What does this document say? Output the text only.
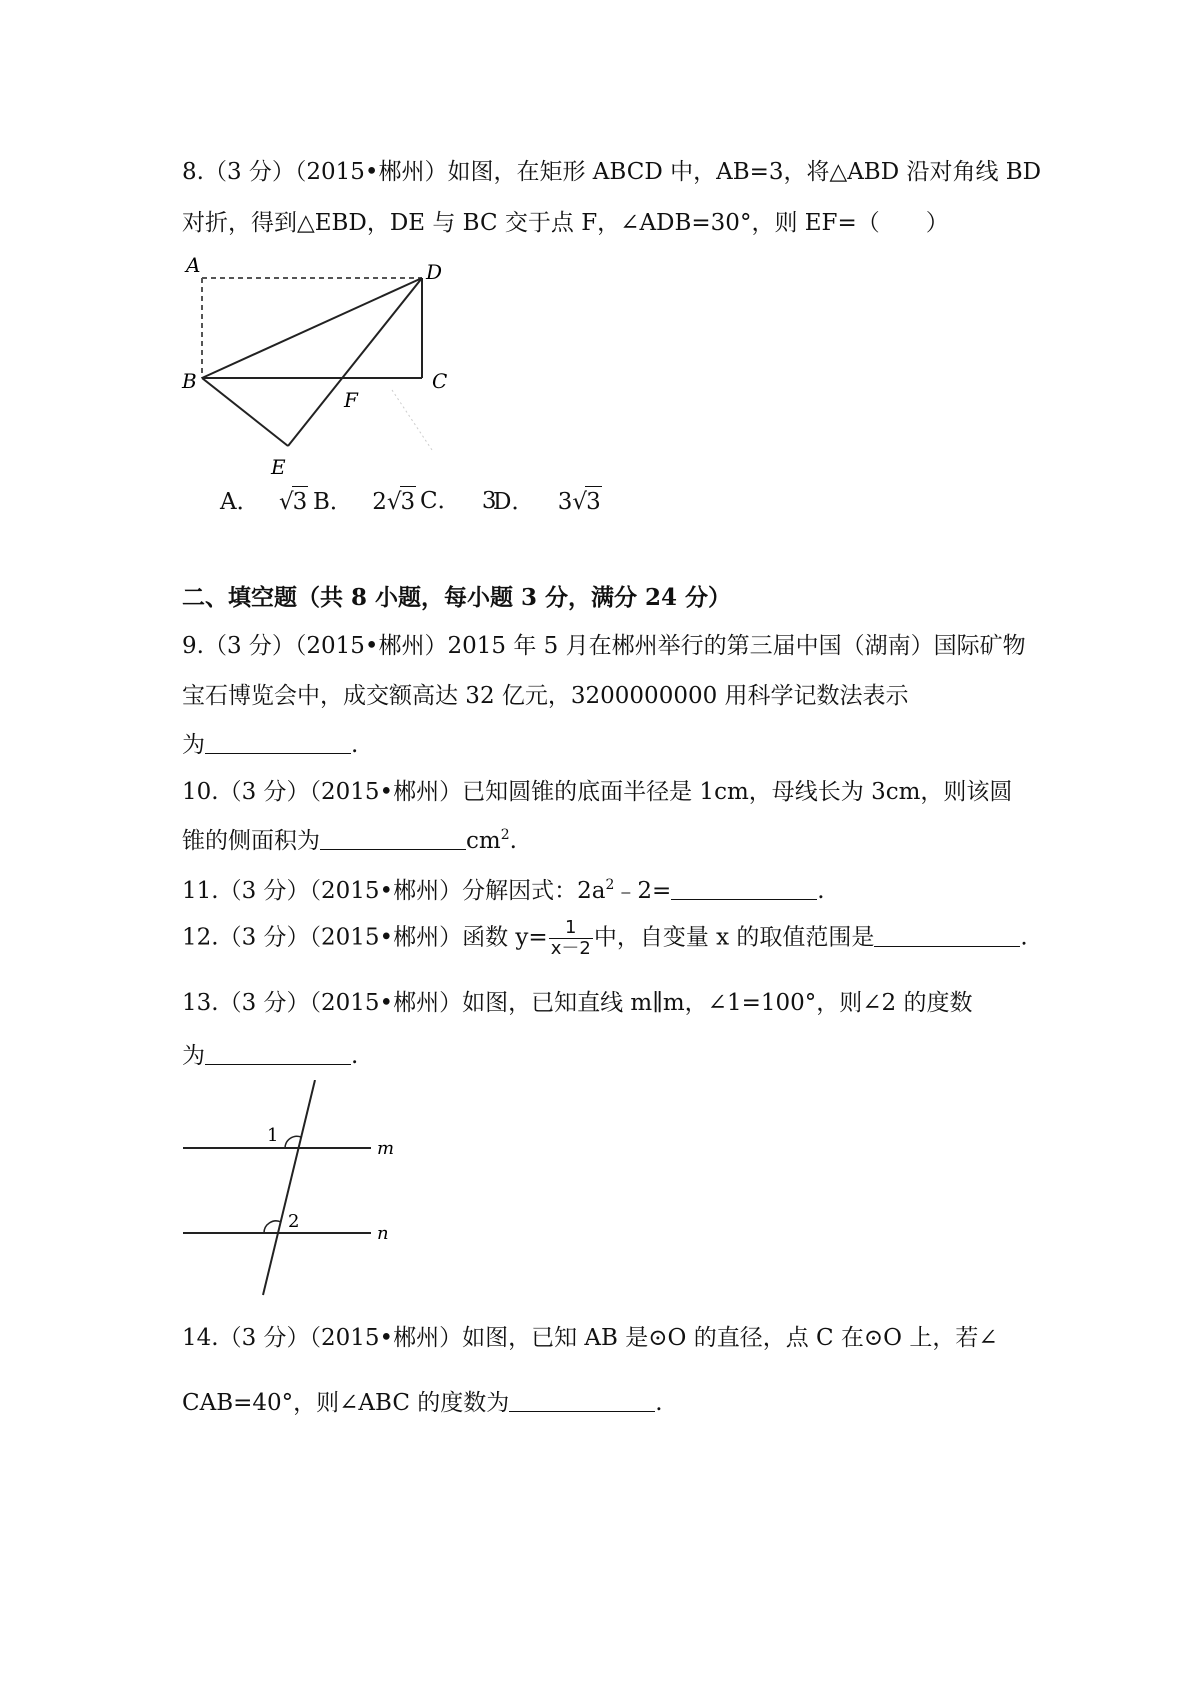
8.（3 分）（2015•郴州）如图，在矩形 ABCD 中，AB=3，将△ABD 沿对角线 BD
对折，得到△EBD，DE 与 BC 交于点 F，∠ADB=30°，则 EF=（　　）
A	D
B	C
F
E
A． √3 B． 2√3 C． 3
D． 3√3
二、填空题（共 8 小题，每小题 3 分，满分 24 分）
9.（3 分）（2015•郴州）2015 年 5 月在郴州举行的第三届中国（湖南）国际矿物
宝石博览会中，成交额高达 32 亿元，3200000000 用科学记数法表示
为	.
10.（3 分）（2015•郴州）已知圆锥的底面半径是 1cm，母线长为 3cm，则该圆
锥的侧面积为	$cm^2$.
11.（3 分）（2015•郴州）分解因式：$2a^2﹣2=$	.
12.（3 分）（2015•郴州）函数 $y= \frac{1}{x-2}$ 中，自变量 x 的取值范围是	.
13.（3 分）（2015•郴州）如图，已知直线 m∥m，∠1=100°，则∠2 的度数
为	.
1
2
m
n
14.（3 分）（2015•郴州）如图，已知 AB 是⊙O 的直径，点 C 在⊙O 上，若∠
CAB=40°，则∠ABC 的度数为	.
